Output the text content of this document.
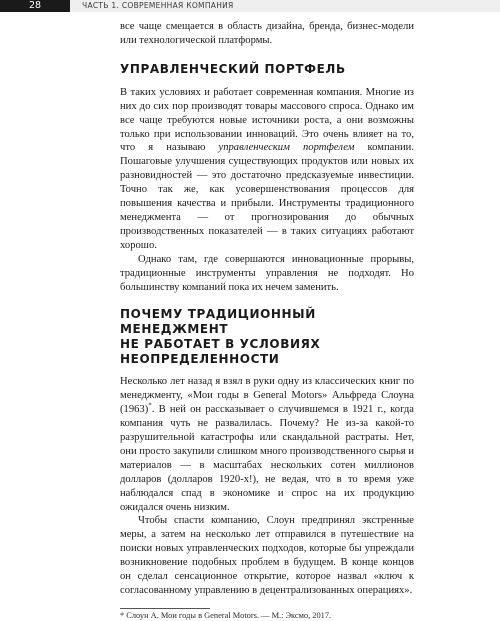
28	ЧАСТЬ 1. СОВРЕМЕННАЯ КОМПАНИЯ

все чаще смещается в область дизайна, бренда, бизнес-модели или технологической платформы.

УПРАВЛЕНЧЕСКИЙ ПОРТФЕЛЬ

В таких условиях и работает современная компания. Многие из них до сих пор производят товары массового спроса. Однако им все чаще требуются новые источники роста, а они возможны только при использовании инноваций. Это очень влияет на то, что я называю управленческим портфелем компании. Пошаговые улучшения существующих продуктов или новых их разновидностей — это достаточно предсказуемые инвестиции. Точно так же, как усовершенствования процессов для повышения качества и прибыли. Инструменты традиционного менеджмента — от прогнозирования до обычных производственных показателей — в таких ситуациях работают хорошо.

Однако там, где совершаются инновационные прорывы, традиционные инструменты управления не подходят. Но большинству компаний пока их нечем заменить.

ПОЧЕМУ ТРАДИЦИОННЫЙ МЕНЕДЖМЕНТ
НЕ РАБОТАЕТ В УСЛОВИЯХ НЕОПРЕДЕЛЕННОСТИ

Несколько лет назад я взял в руки одну из классических книг по менеджменту, «Мои годы в General Motors» Альфреда Слоуна (1963)*. В ней он рассказывает о случившемся в 1921 г., когда компания чуть не развалилась. Почему? Не из-за какой-то разрушительной катастрофы или скандальной растраты. Нет, они просто закупили слишком много производственного сырья и материалов — в масштабах нескольких сотен миллионов долларов (долларов 1920-х!), не ведая, что в то время уже наблюдался спад в экономике и спрос на их продукцию ожидался очень низким.

Чтобы спасти компанию, Слоун предпринял экстренные меры, а затем на несколько лет отправился в путешествие на поиски новых управленческих подходов, которые бы упреждали возникновение подобных проблем в будущем. В конце концов он сделал сенсационное открытие, которое назвал «ключ к согласованному управлению в децентрализованных операциях».

* Слоун А. Мои годы в General Motors. — М.: Эксмо, 2017.
